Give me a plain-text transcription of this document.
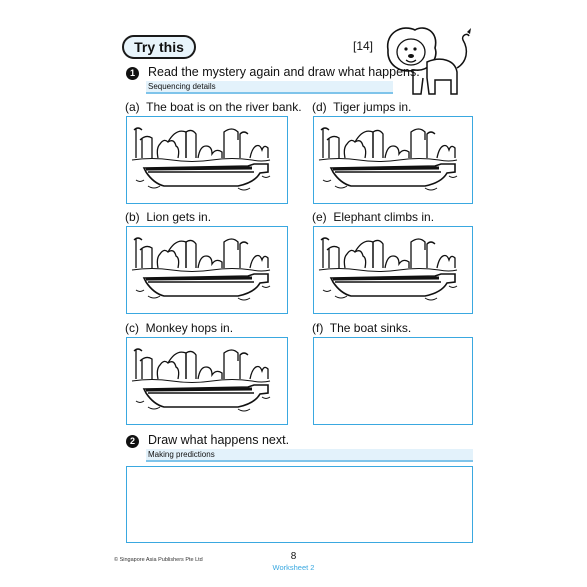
Try this	[14]
1	Read the mystery again and draw what happens.
Sequencing details
(a) The boat is on the river bank. (d) Tiger jumps in.
(b) Lion gets in.	(e) Elephant climbs in.
(c) Monkey hops in.	(f) The boat sinks.
2	Draw what happens next.
Making predictions
© Singapore Asia Publishers Pte Ltd	8
Worksheet 2
